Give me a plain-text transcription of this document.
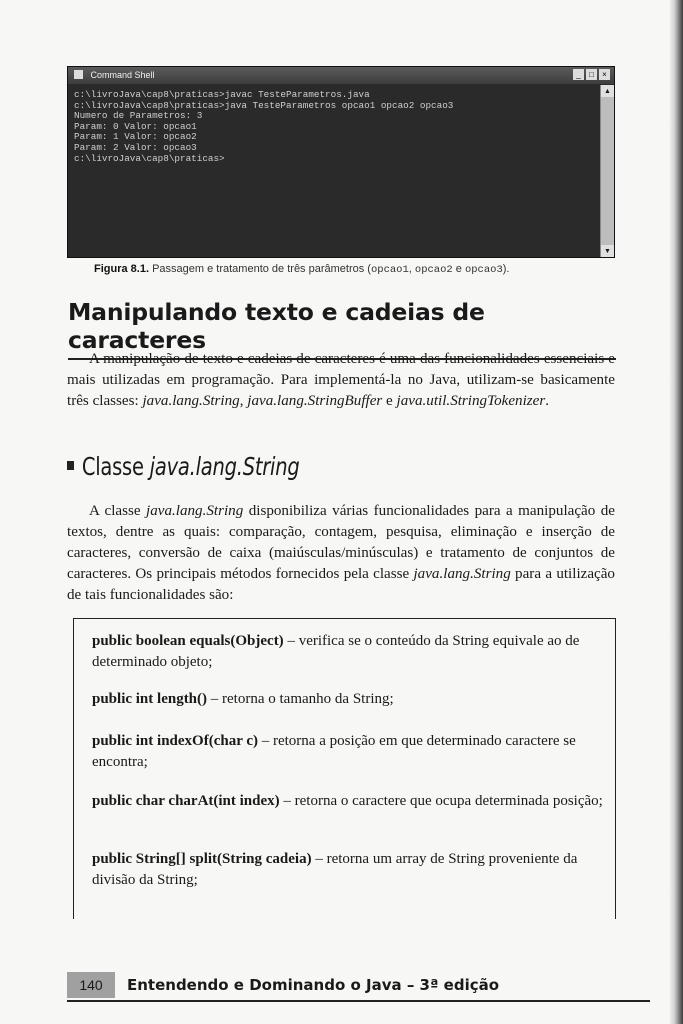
Command Shell	_	□	×
c:\livroJava\cap8\praticas>javac TesteParametros.java
c:\livroJava\cap8\praticas>java TesteParametros opcao1 opcao2 opcao3
Numero de Parametros: 3
Param: 0 Valor: opcao1
Param: 1 Valor: opcao2
Param: 2 Valor: opcao3
c:\livroJava\cap8\praticas>
▲
▼
Figura 8.1. Passagem e tratamento de três parâmetros (opcao1, opcao2 e opcao3).
Manipulando texto e cadeias de caracteres

A manipulação de texto e cadeias de caracteres é uma das funcionalidades essenciais e mais utilizadas em programação. Para implementá-la no Java, utilizam-se basicamente três classes: java.lang.String, java.lang.StringBuffer e java.util.StringTokenizer.

Classe java.lang.String

A classe java.lang.String disponibiliza várias funcionalidades para a manipulação de textos, dentre as quais: comparação, contagem, pesquisa, eliminação e inserção de caracteres, conversão de caixa (maiúsculas/minúsculas) e tratamento de conjuntos de caracteres. Os principais métodos fornecidos pela classe java.lang.String para a utilização de tais funcionalidades são:

public boolean equals(Object) – verifica se o conteúdo da String equivale ao de determinado objeto;
public int length() – retorna o tamanho da String;
public int indexOf(char c) – retorna a posição em que determinado caractere se encontra;
public char charAt(int index) – retorna o caractere que ocupa determinada posição;
public String[] split(String cadeia) – retorna um array de String proveniente da divisão da String;
140	Entendendo e Dominando o Java – 3ª edição
